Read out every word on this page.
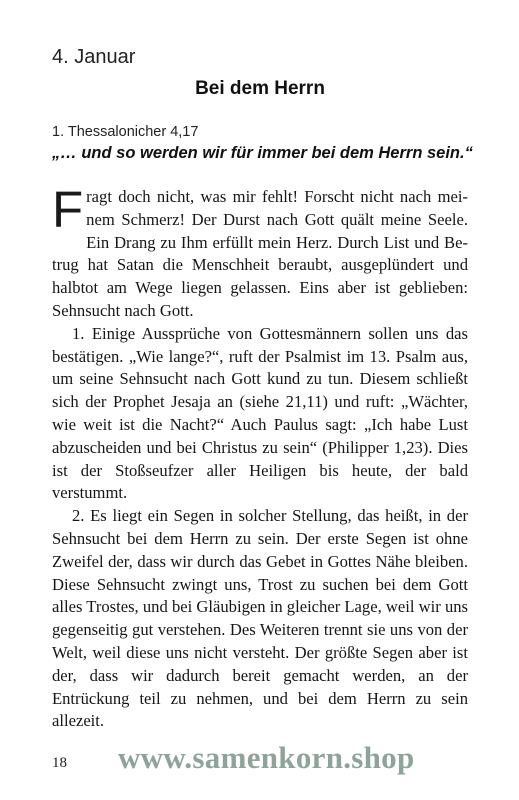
4. Januar
Bei dem Herrn
1. Thessalonicher 4,17
„… und so werden wir für immer bei dem Herrn sein.“

Fragt doch nicht, was mir fehlt! Forscht nicht nach meinem Schmerz! Der Durst nach Gott quält meine Seele. Ein Drang zu Ihm erfüllt mein Herz. Durch List und Betrug hat Satan die Menschheit beraubt, ausgeplündert und halbtot am Wege liegen gelassen. Eins aber ist geblieben: Sehnsucht nach Gott.

1. Einige Aussprüche von Gottesmännern sollen uns das bestätigen. „Wie lange?“, ruft der Psalmist im 13. Psalm aus, um seine Sehnsucht nach Gott kund zu tun. Diesem schließt sich der Prophet Jesaja an (siehe 21,11) und ruft: „Wächter, wie weit ist die Nacht?“ Auch Paulus sagt: „Ich habe Lust abzuscheiden und bei Christus zu sein“ (Philipper 1,23). Dies ist der Stoßseufzer aller Heiligen bis heute, der bald verstummt.

2. Es liegt ein Segen in solcher Stellung, das heißt, in der Sehnsucht bei dem Herrn zu sein. Der erste Segen ist ohne Zweifel der, dass wir durch das Gebet in Gottes Nähe bleiben. Diese Sehnsucht zwingt uns, Trost zu suchen bei dem Gott alles Trostes, und bei Gläubigen in gleicher Lage, weil wir uns gegenseitig gut verstehen. Des Weiteren trennt sie uns von der Welt, weil diese uns nicht versteht. Der größte Segen aber ist der, dass wir dadurch bereit gemacht werden, an der Entrückung teil zu nehmen, und bei dem Herrn zu sein allezeit.

18 www.samenkorn.shop
